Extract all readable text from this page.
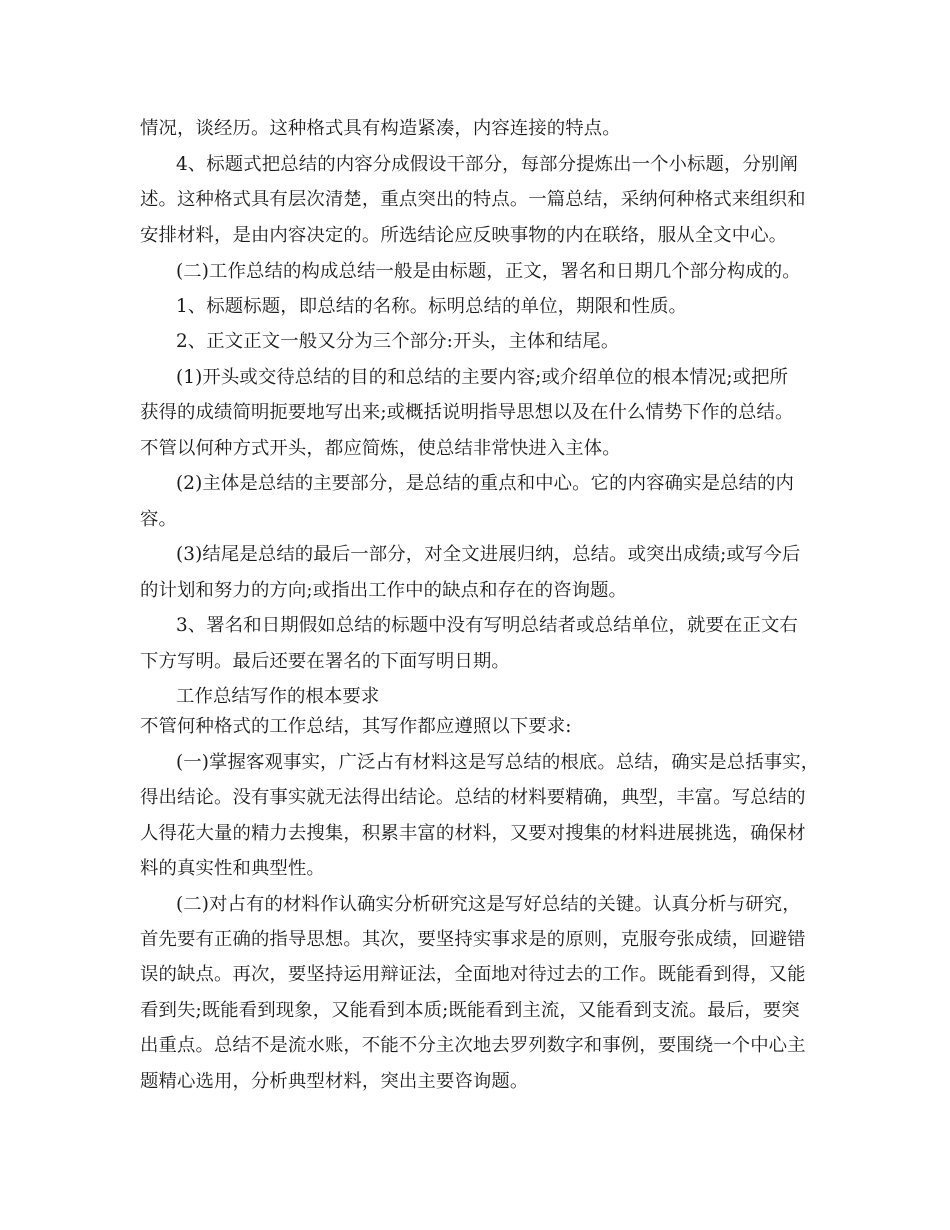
情况，谈经历。这种格式具有构造紧凑，内容连接的特点。
4、标题式把总结的内容分成假设干部分，每部分提炼出一个小标题，分别阐
述。这种格式具有层次清楚，重点突出的特点。一篇总结，采纳何种格式来组织和
安排材料，是由内容决定的。所选结论应反映事物的内在联络，服从全文中心。
(二)工作总结的构成总结一般是由标题，正文，署名和日期几个部分构成的。
1、标题标题，即总结的名称。标明总结的单位，期限和性质。
2、正文正文一般又分为三个部分:开头，主体和结尾。
(1)开头或交待总结的目的和总结的主要内容;或介绍单位的根本情况;或把所
获得的成绩简明扼要地写出来;或概括说明指导思想以及在什么情势下作的总结。
不管以何种方式开头，都应简炼，使总结非常快进入主体。
(2)主体是总结的主要部分，是总结的重点和中心。它的内容确实是总结的内
容。
(3)结尾是总结的最后一部分，对全文进展归纳，总结。或突出成绩;或写今后
的计划和努力的方向;或指出工作中的缺点和存在的咨询题。
3、署名和日期假如总结的标题中没有写明总结者或总结单位，就要在正文右
下方写明。最后还要在署名的下面写明日期。
工作总结写作的根本要求
不管何种格式的工作总结，其写作都应遵照以下要求:
(一)掌握客观事实，广泛占有材料这是写总结的根底。总结，确实是总括事实，
得出结论。没有事实就无法得出结论。总结的材料要精确，典型，丰富。写总结的
人得花大量的精力去搜集，积累丰富的材料，又要对搜集的材料进展挑选，确保材
料的真实性和典型性。
(二)对占有的材料作认确实分析研究这是写好总结的关键。认真分析与研究，
首先要有正确的指导思想。其次，要坚持实事求是的原则，克服夸张成绩，回避错
误的缺点。再次，要坚持运用辩证法，全面地对待过去的工作。既能看到得，又能
看到失;既能看到现象，又能看到本质;既能看到主流，又能看到支流。最后，要突
出重点。总结不是流水账，不能不分主次地去罗列数字和事例，要围绕一个中心主
题精心选用，分析典型材料，突出主要咨询题。
